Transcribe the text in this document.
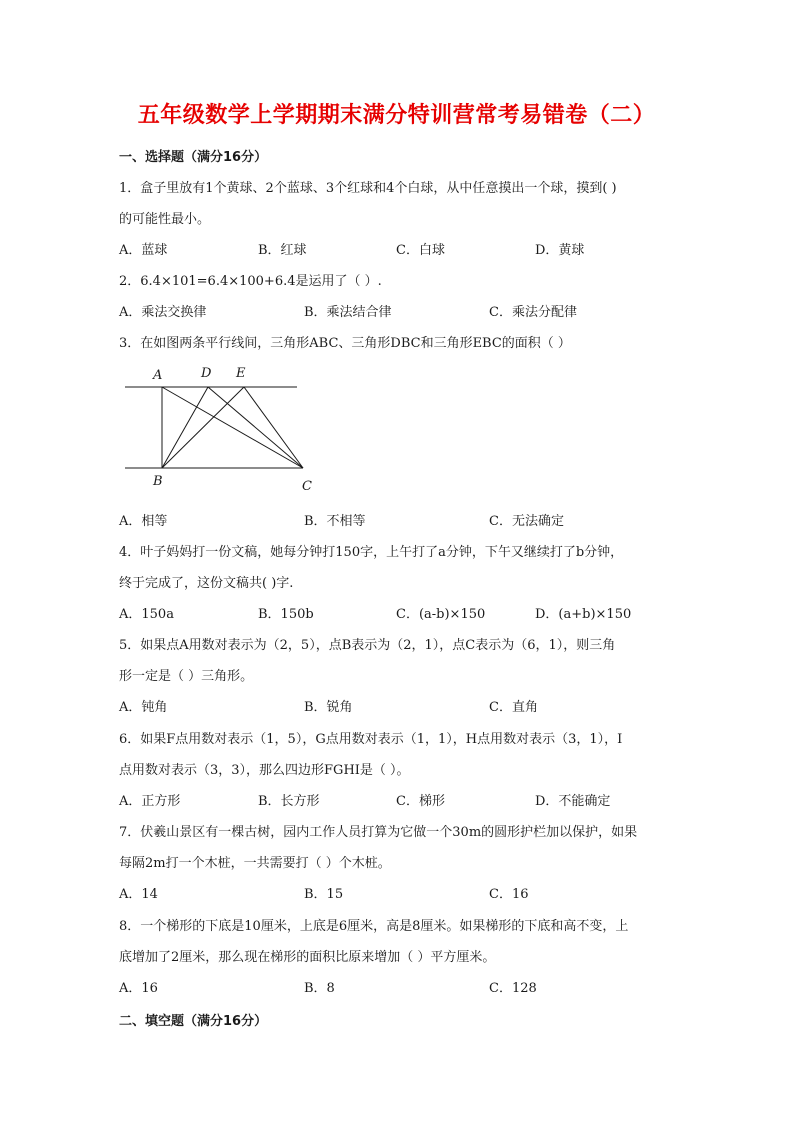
五年级数学上学期期末满分特训营常考易错卷（二）
一、选择题（满分16分）
1．盒子里放有1个黄球、2个蓝球、3个红球和4个白球，从中任意摸出一个球，摸到( )
的可能性最小。
A．蓝球	B．红球	C．白球	D．黄球
2．6.4×101=6.4×100+6.4是运用了（ ）.
A．乘法交换律	B．乘法结合律	C．乘法分配律
3．在如图两条平行线间，三角形ABC、三角形DBC和三角形EBC的面积（ ）
A	D E
B	C
A．相等	B．不相等	C．无法确定
4．叶子妈妈打一份文稿，她每分钟打150字，上午打了a分钟，下午又继续打了b分钟，
终于完成了，这份文稿共( )字.
A．150a	B．150b	C．(a-b)×150	D．(a+b)×150
5．如果点A用数对表示为（2，5），点B表示为（2，1），点C表示为（6，1），则三角
形一定是（ ）三角形。
A．钝角	B．锐角	C．直角
6．如果F点用数对表示（1，5），G点用数对表示（1，1），H点用数对表示（3，1），I
点用数对表示（3，3），那么四边形FGHI是（ ）。
A．正方形	B．长方形	C．梯形	D．不能确定
7．伏羲山景区有一棵古树，园内工作人员打算为它做一个30m的圆形护栏加以保护，如果
每隔2m打一个木桩，一共需要打（ ）个木桩。
A．14	B．15	C．16
8．一个梯形的下底是10厘米，上底是6厘米，高是8厘米。如果梯形的下底和高不变，上
底增加了2厘米，那么现在梯形的面积比原来增加（ ）平方厘米。
A．16	B．8	C．128
二、填空题（满分16分）
